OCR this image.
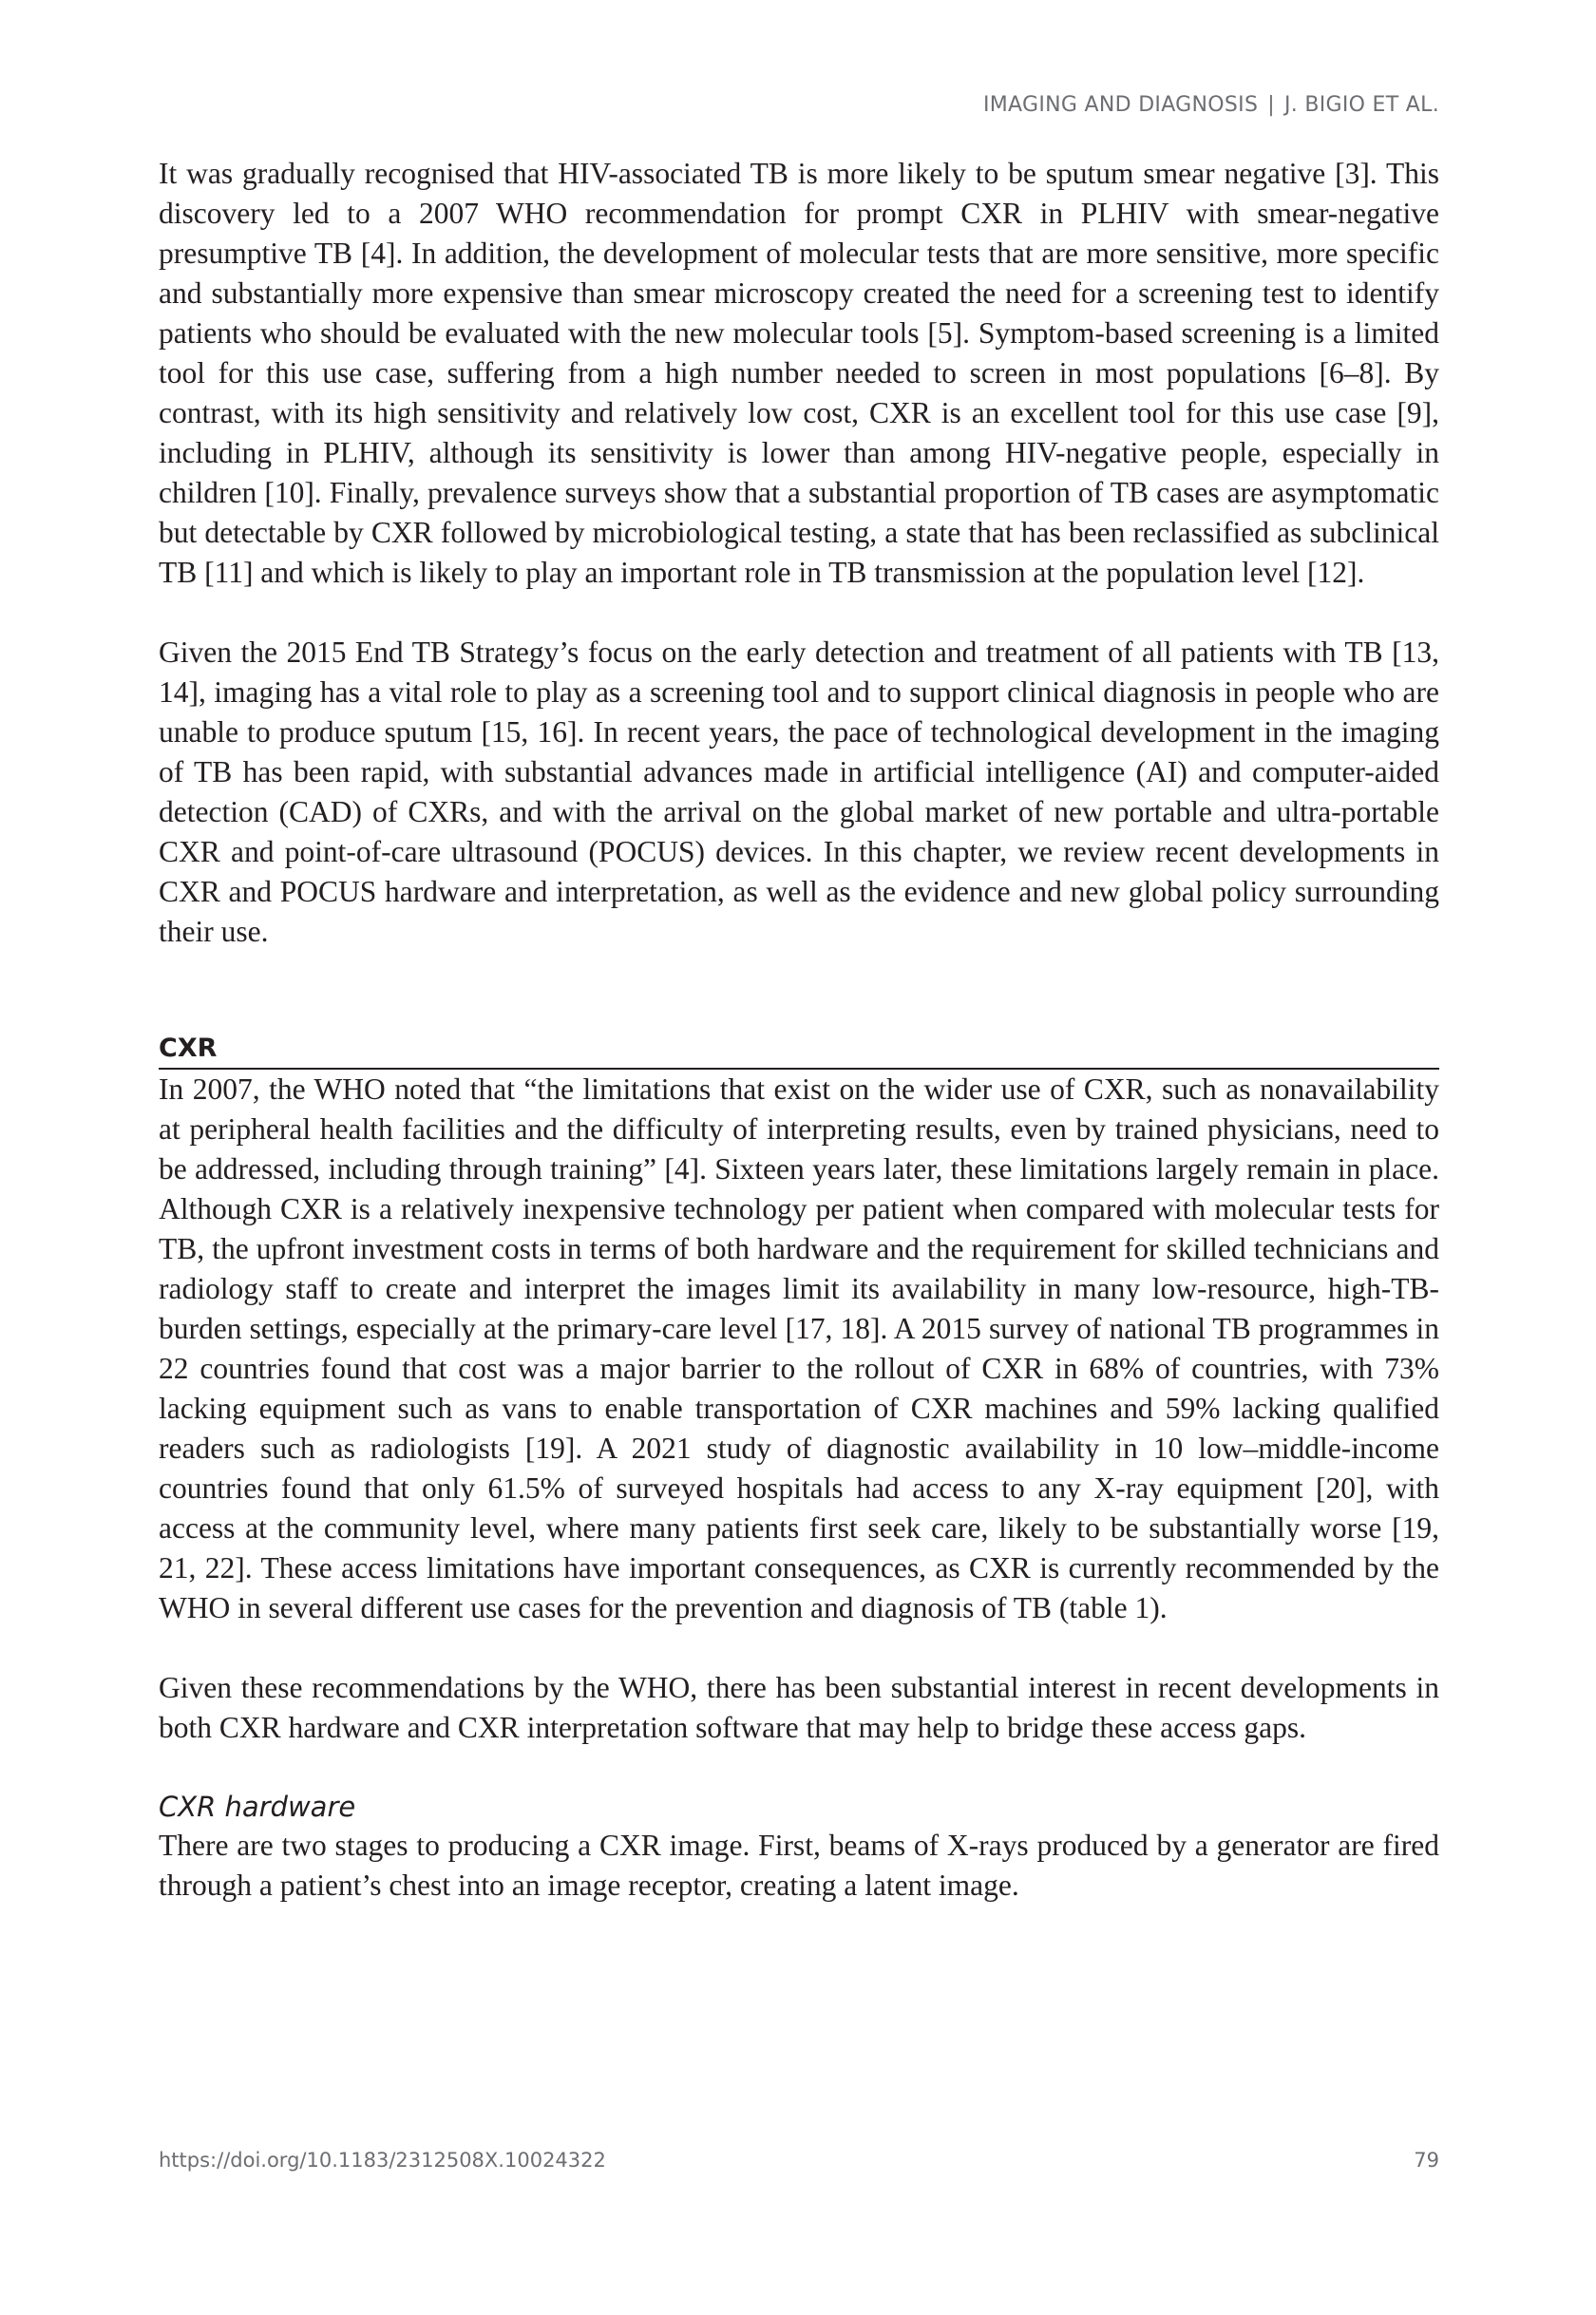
IMAGING AND DIAGNOSIS | J. BIGIO ET AL.

It was gradually recognised that HIV-associated TB is more likely to be sputum smear negative [3]. This discovery led to a 2007 WHO recommendation for prompt CXR in PLHIV with smear-negative presumptive TB [4]. In addition, the development of molecular tests that are more sensitive, more specific and substantially more expensive than smear microscopy created the need for a screening test to identify patients who should be evaluated with the new molecular tools [5]. Symptom-based screening is a limited tool for this use case, suffering from a high number needed to screen in most populations [6–8]. By contrast, with its high sensitivity and relatively low cost, CXR is an excellent tool for this use case [9], including in PLHIV, although its sensitivity is lower than among HIV-negative people, especially in children [10]. Finally, prevalence surveys show that a substantial proportion of TB cases are asymptomatic but detectable by CXR followed by microbiological testing, a state that has been reclassified as subclinical TB [11] and which is likely to play an important role in TB transmission at the population level [12].

Given the 2015 End TB Strategy’s focus on the early detection and treatment of all patients with TB [13, 14], imaging has a vital role to play as a screening tool and to support clinical diagnosis in people who are unable to produce sputum [15, 16]. In recent years, the pace of technological development in the imaging of TB has been rapid, with substantial advances made in artificial intelligence (AI) and computer-aided detection (CAD) of CXRs, and with the arrival on the global market of new portable and ultra-portable CXR and point-of-care ultrasound (POCUS) devices. In this chapter, we review recent developments in CXR and POCUS hardware and interpretation, as well as the evidence and new global policy surrounding their use.

CXR

In 2007, the WHO noted that “the limitations that exist on the wider use of CXR, such as nonavailability at peripheral health facilities and the difficulty of interpreting results, even by trained physicians, need to be addressed, including through training” [4]. Sixteen years later, these limitations largely remain in place. Although CXR is a relatively inexpensive technology per patient when compared with molecular tests for TB, the upfront investment costs in terms of both hardware and the requirement for skilled technicians and radiology staff to create and interpret the images limit its availability in many low-resource, high-TB-burden settings, especially at the primary-care level [17, 18]. A 2015 survey of national TB programmes in 22 countries found that cost was a major barrier to the rollout of CXR in 68% of countries, with 73% lacking equipment such as vans to enable transportation of CXR machines and 59% lacking qualified readers such as radiologists [19]. A 2021 study of diagnostic availability in 10 low–middle-income countries found that only 61.5% of surveyed hospitals had access to any X-ray equipment [20], with access at the community level, where many patients first seek care, likely to be substantially worse [19, 21, 22]. These access limitations have important consequences, as CXR is currently recommended by the WHO in several different use cases for the prevention and diagnosis of TB (table 1).

Given these recommendations by the WHO, there has been substantial interest in recent developments in both CXR hardware and CXR interpretation software that may help to bridge these access gaps.

CXR hardware

There are two stages to producing a CXR image. First, beams of X-rays produced by a generator are fired through a patient’s chest into an image receptor, creating a latent image.

https://doi.org/10.1183/2312508X.10024322	79
